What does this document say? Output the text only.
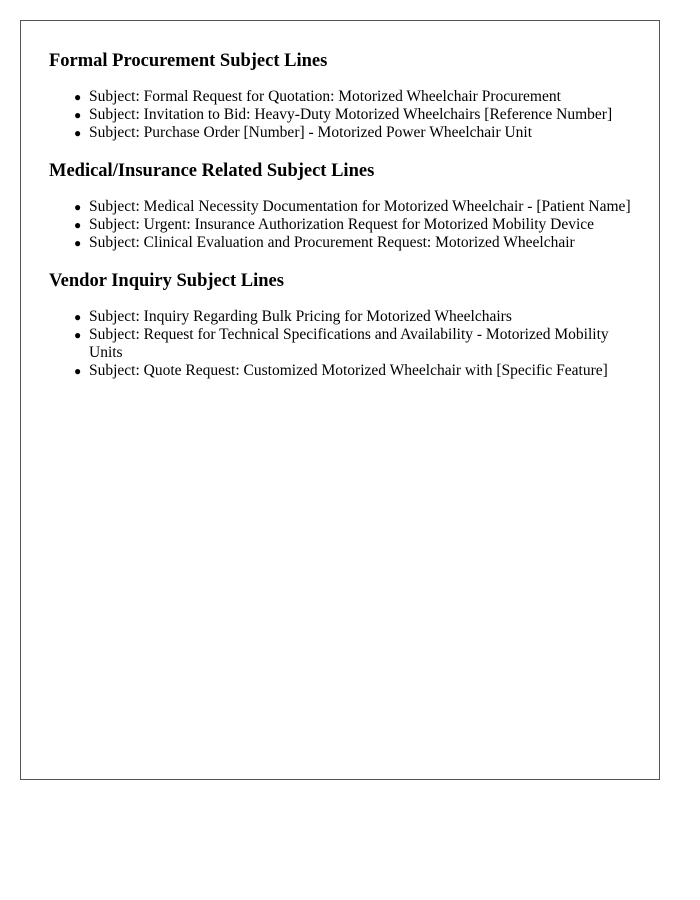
Formal Procurement Subject Lines
● Subject: Formal Request for Quotation: Motorized Wheelchair Procurement
● Subject: Invitation to Bid: Heavy-Duty Motorized Wheelchairs [Reference Number]
● Subject: Purchase Order [Number] - Motorized Power Wheelchair Unit
Medical/Insurance Related Subject Lines
● Subject: Medical Necessity Documentation for Motorized Wheelchair - [Patient Name]
● Subject: Urgent: Insurance Authorization Request for Motorized Mobility Device
● Subject: Clinical Evaluation and Procurement Request: Motorized Wheelchair
Vendor Inquiry Subject Lines
● Subject: Inquiry Regarding Bulk Pricing for Motorized Wheelchairs
● Subject: Request for Technical Specifications and Availability - Motorized Mobility Units
● Subject: Quote Request: Customized Motorized Wheelchair with [Specific Feature]
